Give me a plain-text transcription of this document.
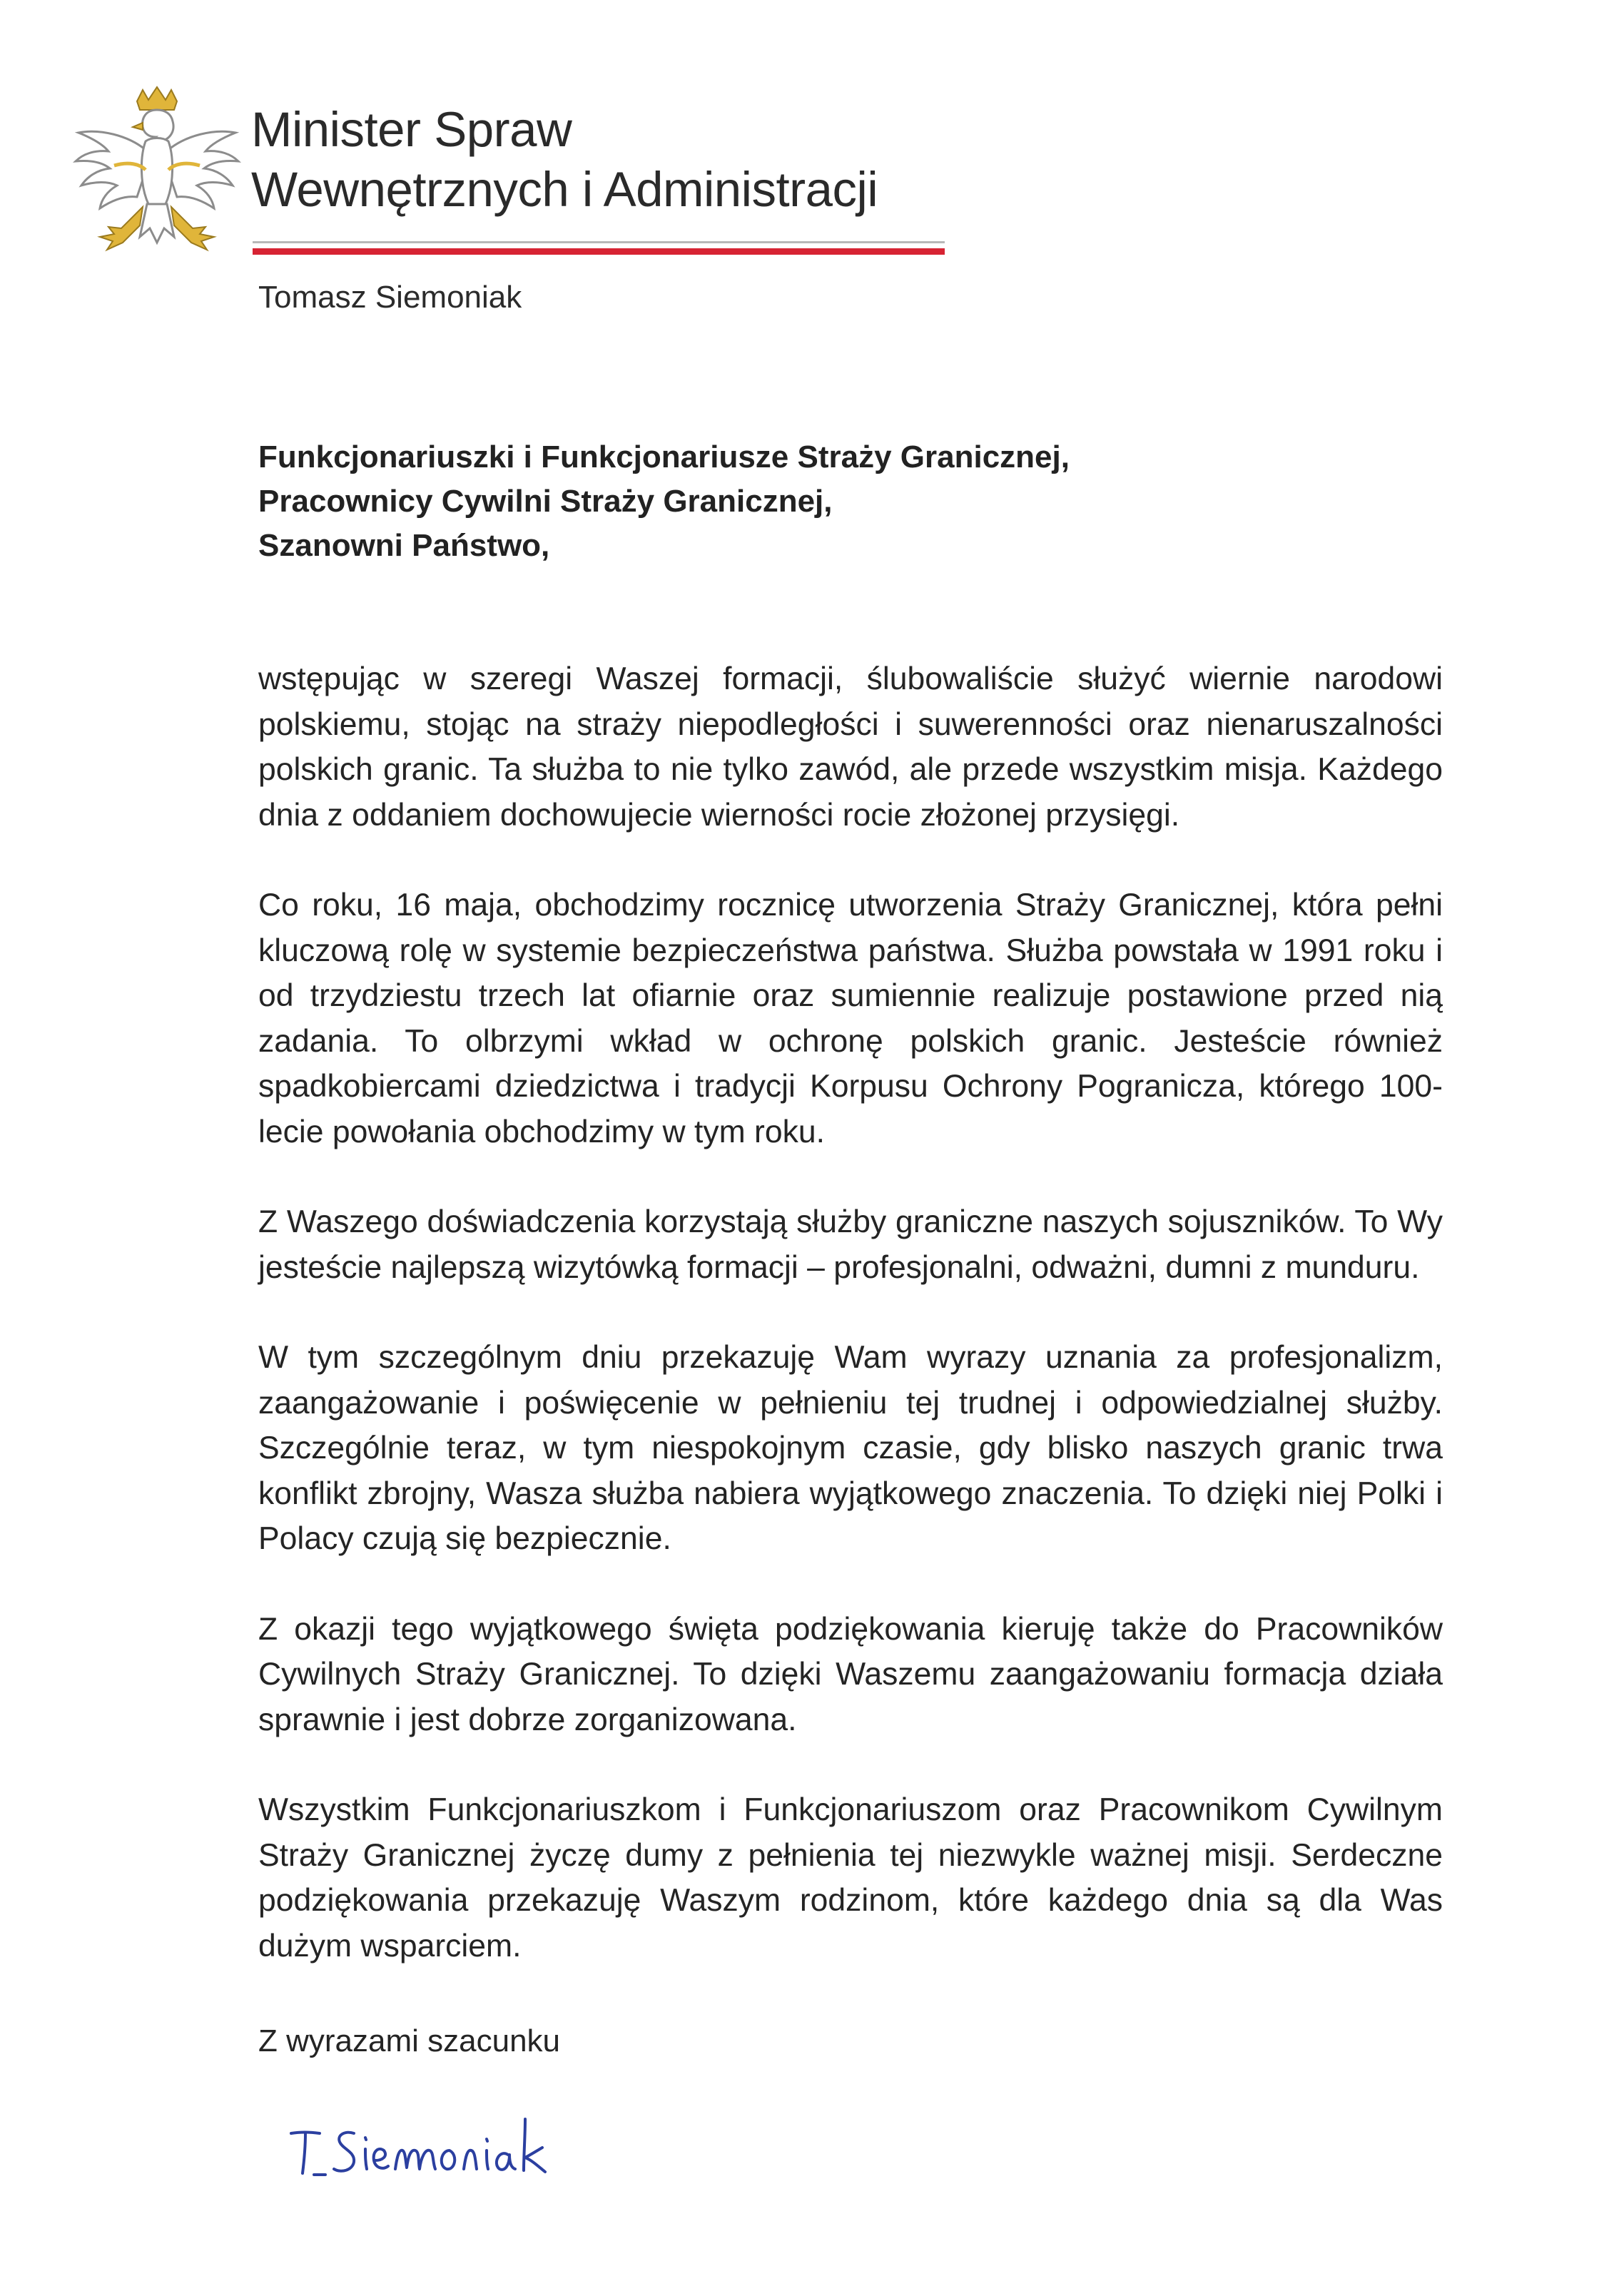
Minister Spraw
Wewnętrznych i Administracji
Tomasz Siemoniak
Funkcjonariuszki i Funkcjonariusze Straży Granicznej,
Pracownicy Cywilni Straży Granicznej,
Szanowni Państwo,

wstępując w szeregi Waszej formacji, ślubowaliście służyć wiernie narodowi polskiemu, stojąc na straży niepodległości i suwerenności oraz nienaruszalności polskich granic. Ta służba to nie tylko zawód, ale przede wszystkim misja. Każdego dnia z oddaniem dochowujecie wierności rocie złożonej przysięgi.

Co roku, 16 maja, obchodzimy rocznicę utworzenia Straży Granicznej, która pełni kluczową rolę w systemie bezpieczeństwa państwa. Służba powstała w 1991 roku i od trzydziestu trzech lat ofiarnie oraz sumiennie realizuje postawione przed nią zadania. To olbrzymi wkład w ochronę polskich granic. Jesteście również spadkobiercami dziedzictwa i tradycji Korpusu Ochrony Pogranicza, którego 100-lecie powołania obchodzimy w tym roku.

Z Waszego doświadczenia korzystają służby graniczne naszych sojuszników. To Wy jesteście najlepszą wizytówką formacji – profesjonalni, odważni, dumni z munduru.

W tym szczególnym dniu przekazuję Wam wyrazy uznania za profesjonalizm, zaangażowanie i poświęcenie w pełnieniu tej trudnej i odpowiedzialnej służby. Szczególnie teraz, w tym niespokojnym czasie, gdy blisko naszych granic trwa konflikt zbrojny, Wasza służba nabiera wyjątkowego znaczenia. To dzięki niej Polki i Polacy czują się bezpiecznie.

Z okazji tego wyjątkowego święta podziękowania kieruję także do Pracowników Cywilnych Straży Granicznej. To dzięki Waszemu zaangażowaniu formacja działa sprawnie i jest dobrze zorganizowana.

Wszystkim Funkcjonariuszkom i Funkcjonariuszom oraz Pracownikom Cywilnym Straży Granicznej życzę dumy z pełnienia tej niezwykle ważnej misji. Serdeczne podziękowania przekazuję Waszym rodzinom, które każdego dnia są dla Was dużym wsparciem.

Z wyrazami szacunku
